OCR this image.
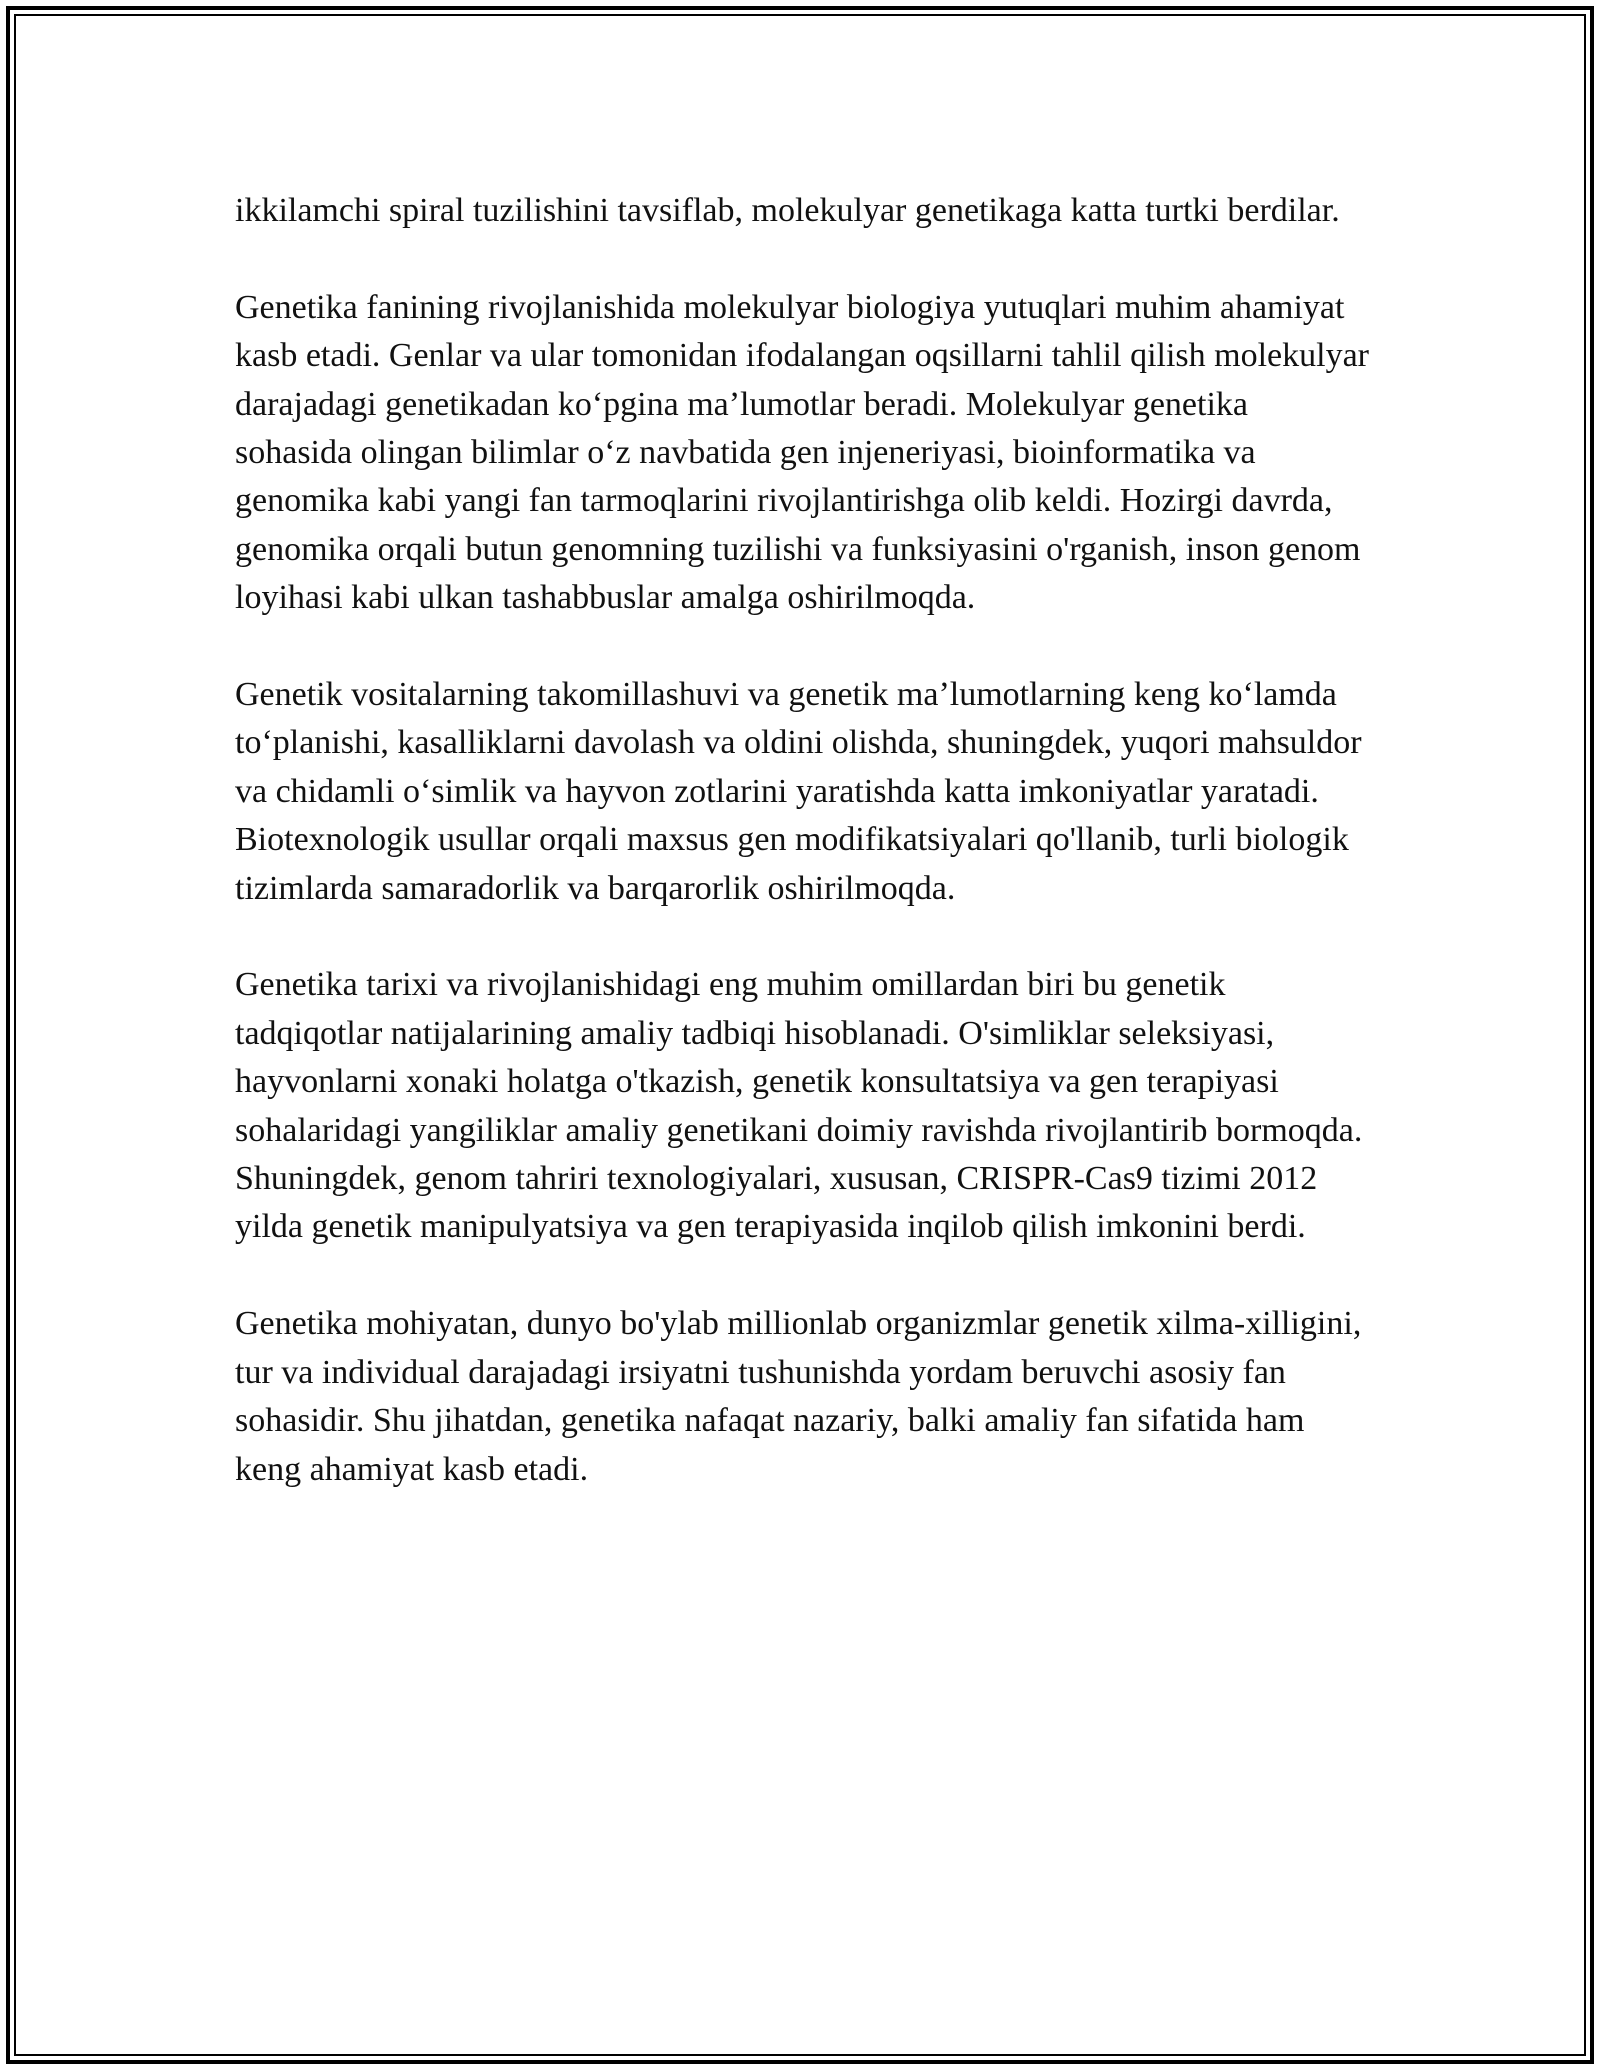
ikkilamchi spiral tuzilishini tavsiflab, molekulyar genetikaga katta turtki berdilar.

Genetika fanining rivojlanishida molekulyar biologiya yutuqlari muhim ahamiyat kasb etadi. Genlar va ular tomonidan ifodalangan oqsillarni tahlil qilish molekulyar darajadagi genetikadan koʻpgina maʼlumotlar beradi. Molekulyar genetika sohasida olingan bilimlar oʻz navbatida gen injeneriyasi, bioinformatika va genomika kabi yangi fan tarmoqlarini rivojlantirishga olib keldi. Hozirgi davrda, genomika orqali butun genomning tuzilishi va funksiyasini o'rganish, inson genom loyihasi kabi ulkan tashabbuslar amalga oshirilmoqda.

Genetik vositalarning takomillashuvi va genetik maʼlumotlarning keng koʻlamda toʻplanishi, kasalliklarni davolash va oldini olishda, shuningdek, yuqori mahsuldor va chidamli oʻsimlik va hayvon zotlarini yaratishda katta imkoniyatlar yaratadi. Biotexnologik usullar orqali maxsus gen modifikatsiyalari qo'llanib, turli biologik tizimlarda samaradorlik va barqarorlik oshirilmoqda.

Genetika tarixi va rivojlanishidagi eng muhim omillardan biri bu genetik tadqiqotlar natijalarining amaliy tadbiqi hisoblanadi. O'simliklar seleksiyasi, hayvonlarni xonaki holatga o'tkazish, genetik konsultatsiya va gen terapiyasi sohalaridagi yangiliklar amaliy genetikani doimiy ravishda rivojlantirib bormoqda. Shuningdek, genom tahriri texnologiyalari, xususan, CRISPR-Cas9 tizimi 2012 yilda genetik manipulyatsiya va gen terapiyasida inqilob qilish imkonini berdi.

Genetika mohiyatan, dunyo bo'ylab millionlab organizmlar genetik xilma-xilligini, tur va individual darajadagi irsiyatni tushunishda yordam beruvchi asosiy fan sohasidir. Shu jihatdan, genetika nafaqat nazariy, balki amaliy fan sifatida ham keng ahamiyat kasb etadi.
